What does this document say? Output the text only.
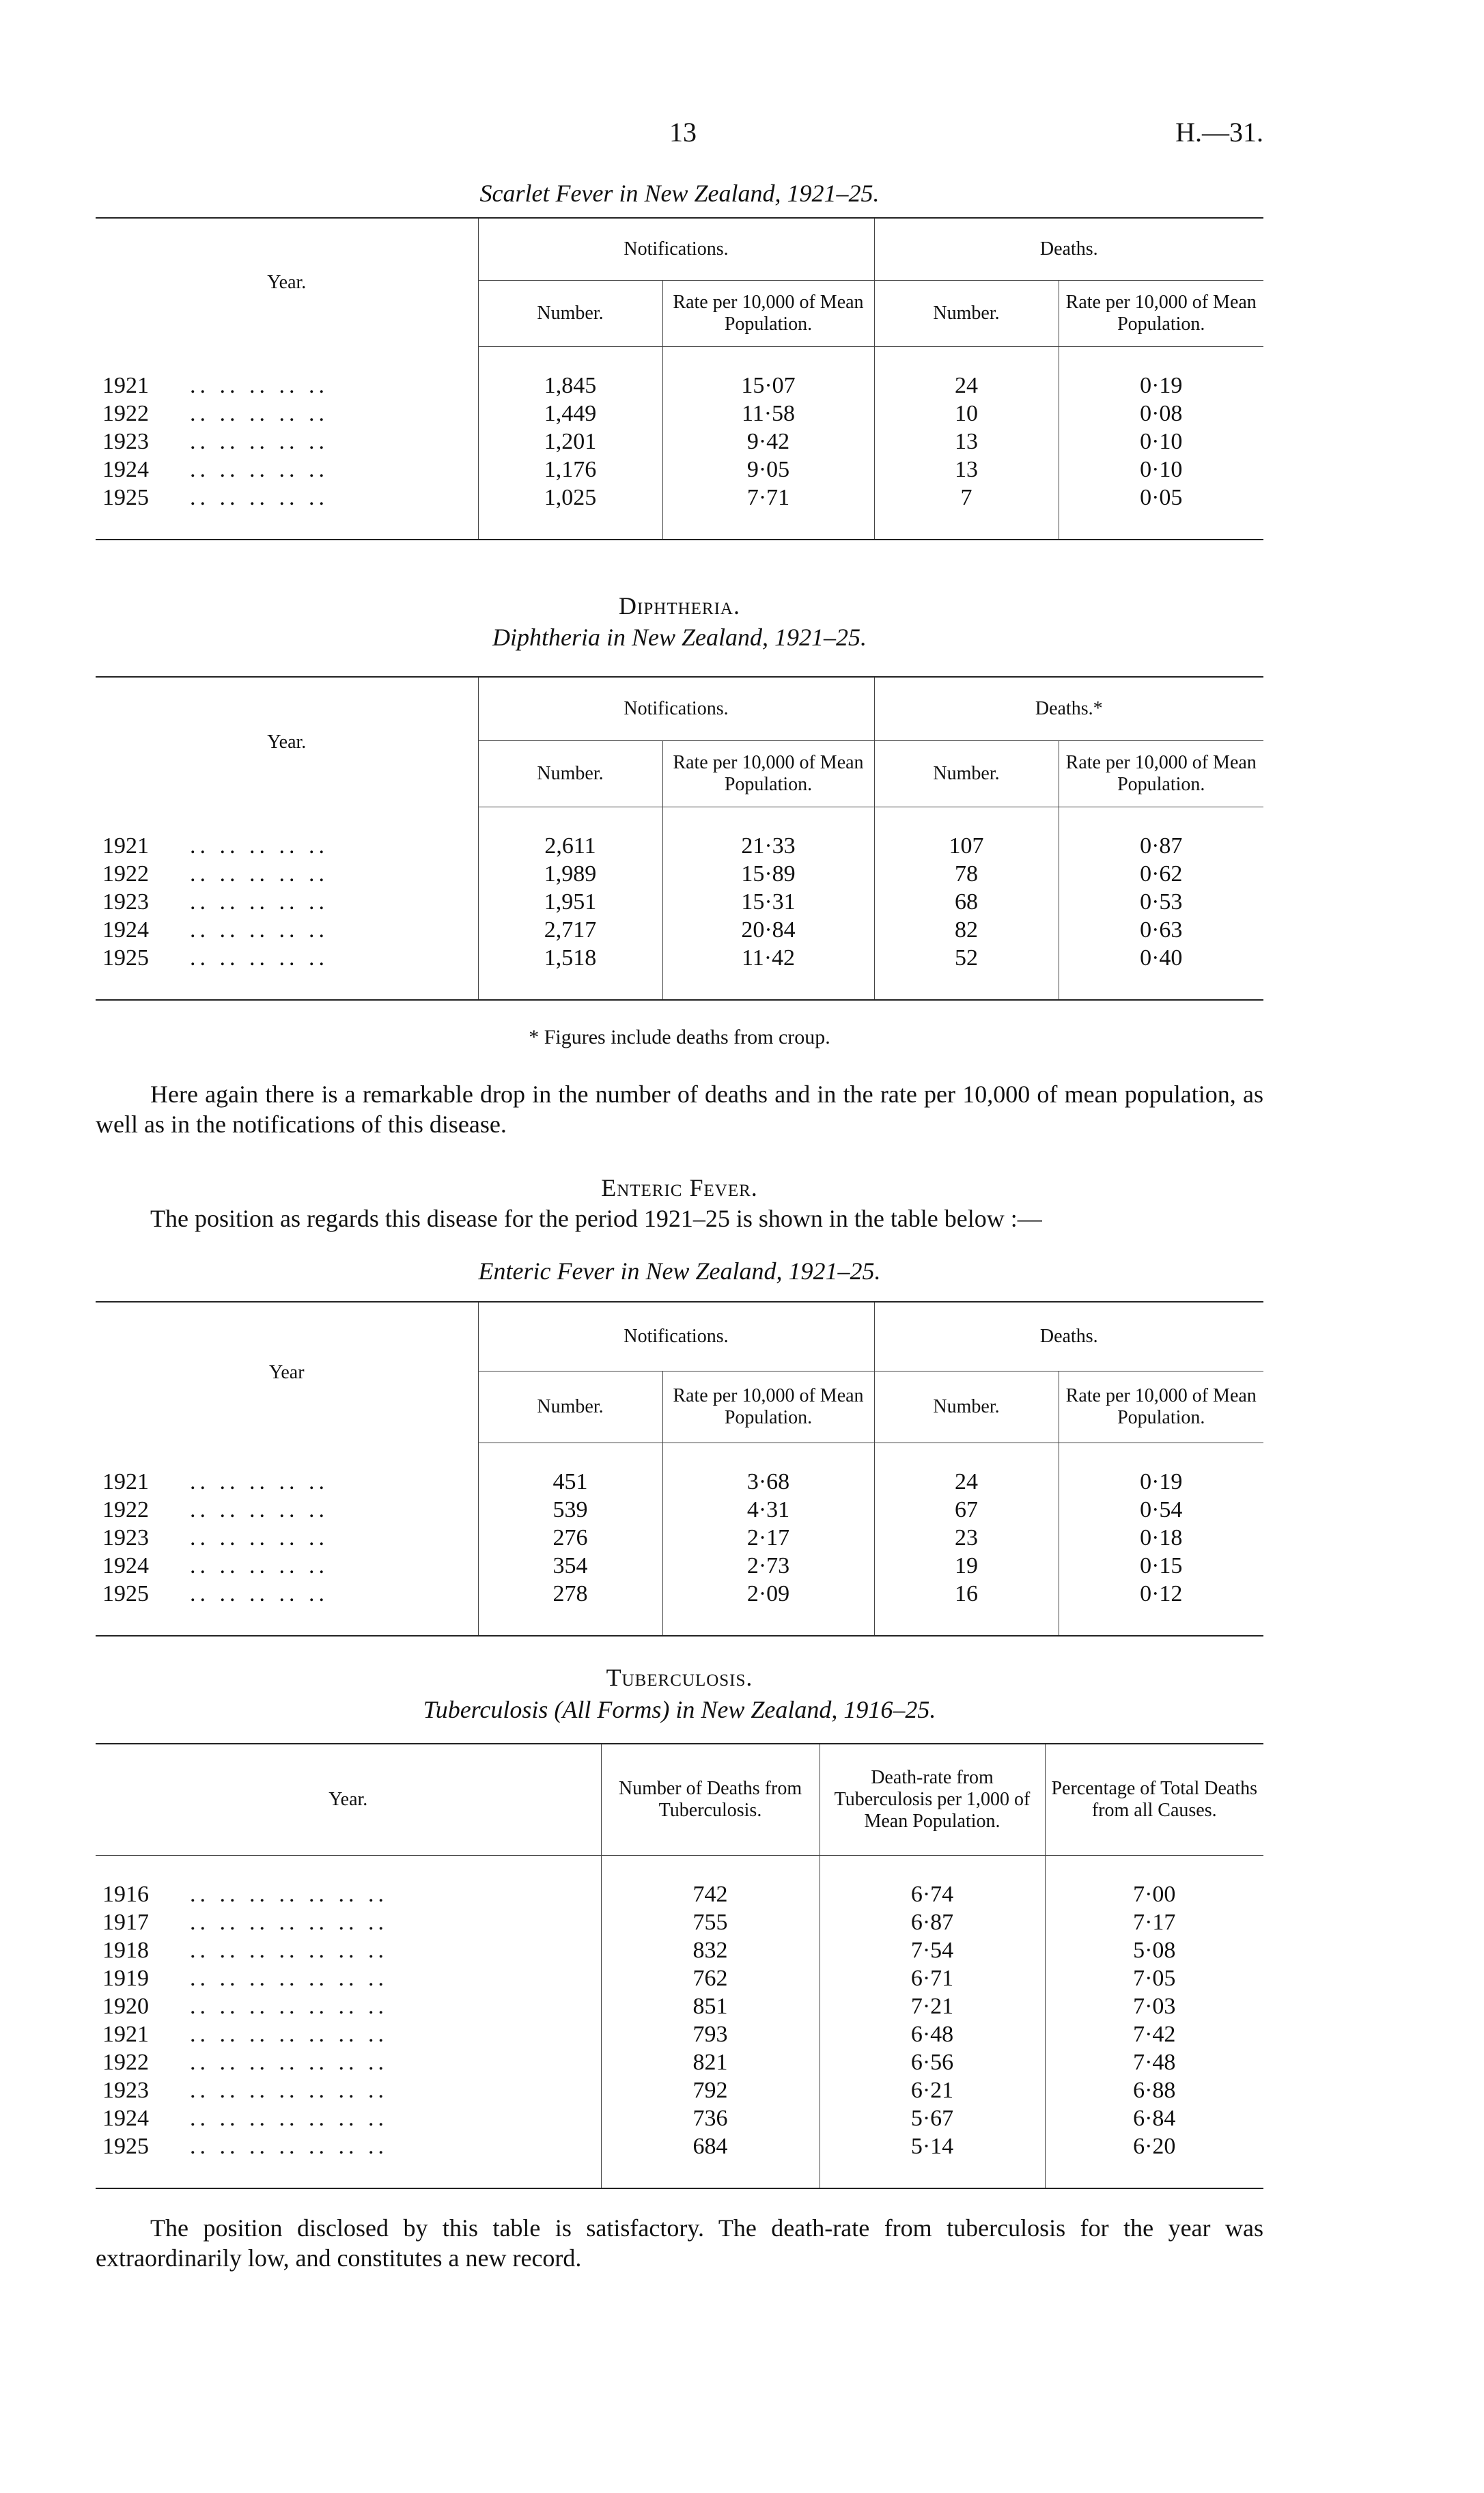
13	H.—31.
Scarlet Fever in New Zealand, 1921–25.
Year.	Notifications.		Deaths.	
	Number.	Rate per 10,000 of Mean Population.	Number.	Rate per 10,000 of Mean Population.

1921 .. .. .. .. ..	1,845	15·07	24	0·19
1922 .. .. .. .. ..	1,449	11·58	10	0·08
1923 .. .. .. .. ..	1,201	9·42	13	0·10
1924 .. .. .. .. ..	1,176	9·05	13	0·10
1925 .. .. .. .. ..	1,025	7·71	7	0·05

Diphtheria.
Diphtheria in New Zealand, 1921–25.
Year.	Notifications.		Deaths.*	
	Number.	Rate per 10,000 of Mean Population.	Number.	Rate per 10,000 of Mean Population.

1921 .. .. .. .. ..	2,611	21·33	107	0·87
1922 .. .. .. .. ..	1,989	15·89	78	0·62
1923 .. .. .. .. ..	1,951	15·31	68	0·53
1924 .. .. .. .. ..	2,717	20·84	82	0·63
1925 .. .. .. .. ..	1,518	11·42	52	0·40

* Figures include deaths from croup.
Here again there is a remarkable drop in the number of deaths and in the rate per 10,000 of mean population, as well as in the notifications of this disease.
Enteric Fever.
The position as regards this disease for the period 1921–25 is shown in the table below :—
Enteric Fever in New Zealand, 1921–25.
Year	Notifications.		Deaths.	
	Number.	Rate per 10,000 of Mean Population.	Number.	Rate per 10,000 of Mean Population.

1921 .. .. .. .. ..	451	3·68	24	0·19
1922 .. .. .. .. ..	539	4·31	67	0·54
1923 .. .. .. .. ..	276	2·17	23	0·18
1924 .. .. .. .. ..	354	2·73	19	0·15
1925 .. .. .. .. ..	278	2·09	16	0·12

Tuberculosis.
Tuberculosis (All Forms) in New Zealand, 1916–25.
Year.	Number of Deaths from Tuberculosis.	Death-rate from Tuberculosis per 1,000 of Mean Population.	Percentage of Total Deaths from all Causes.

1916 .. .. .. .. .. .. ..	742	6·74	7·00
1917 .. .. .. .. .. .. ..	755	6·87	7·17
1918 .. .. .. .. .. .. ..	832	7·54	5·08
1919 .. .. .. .. .. .. ..	762	6·71	7·05
1920 .. .. .. .. .. .. ..	851	7·21	7·03
1921 .. .. .. .. .. .. ..	793	6·48	7·42
1922 .. .. .. .. .. .. ..	821	6·56	7·48
1923 .. .. .. .. .. .. ..	792	6·21	6·88
1924 .. .. .. .. .. .. ..	736	5·67	6·84
1925 .. .. .. .. .. .. ..	684	5·14	6·20

The position disclosed by this table is satisfactory. The death-rate from tuberculosis for the year was extraordinarily low, and constitutes a new record.
